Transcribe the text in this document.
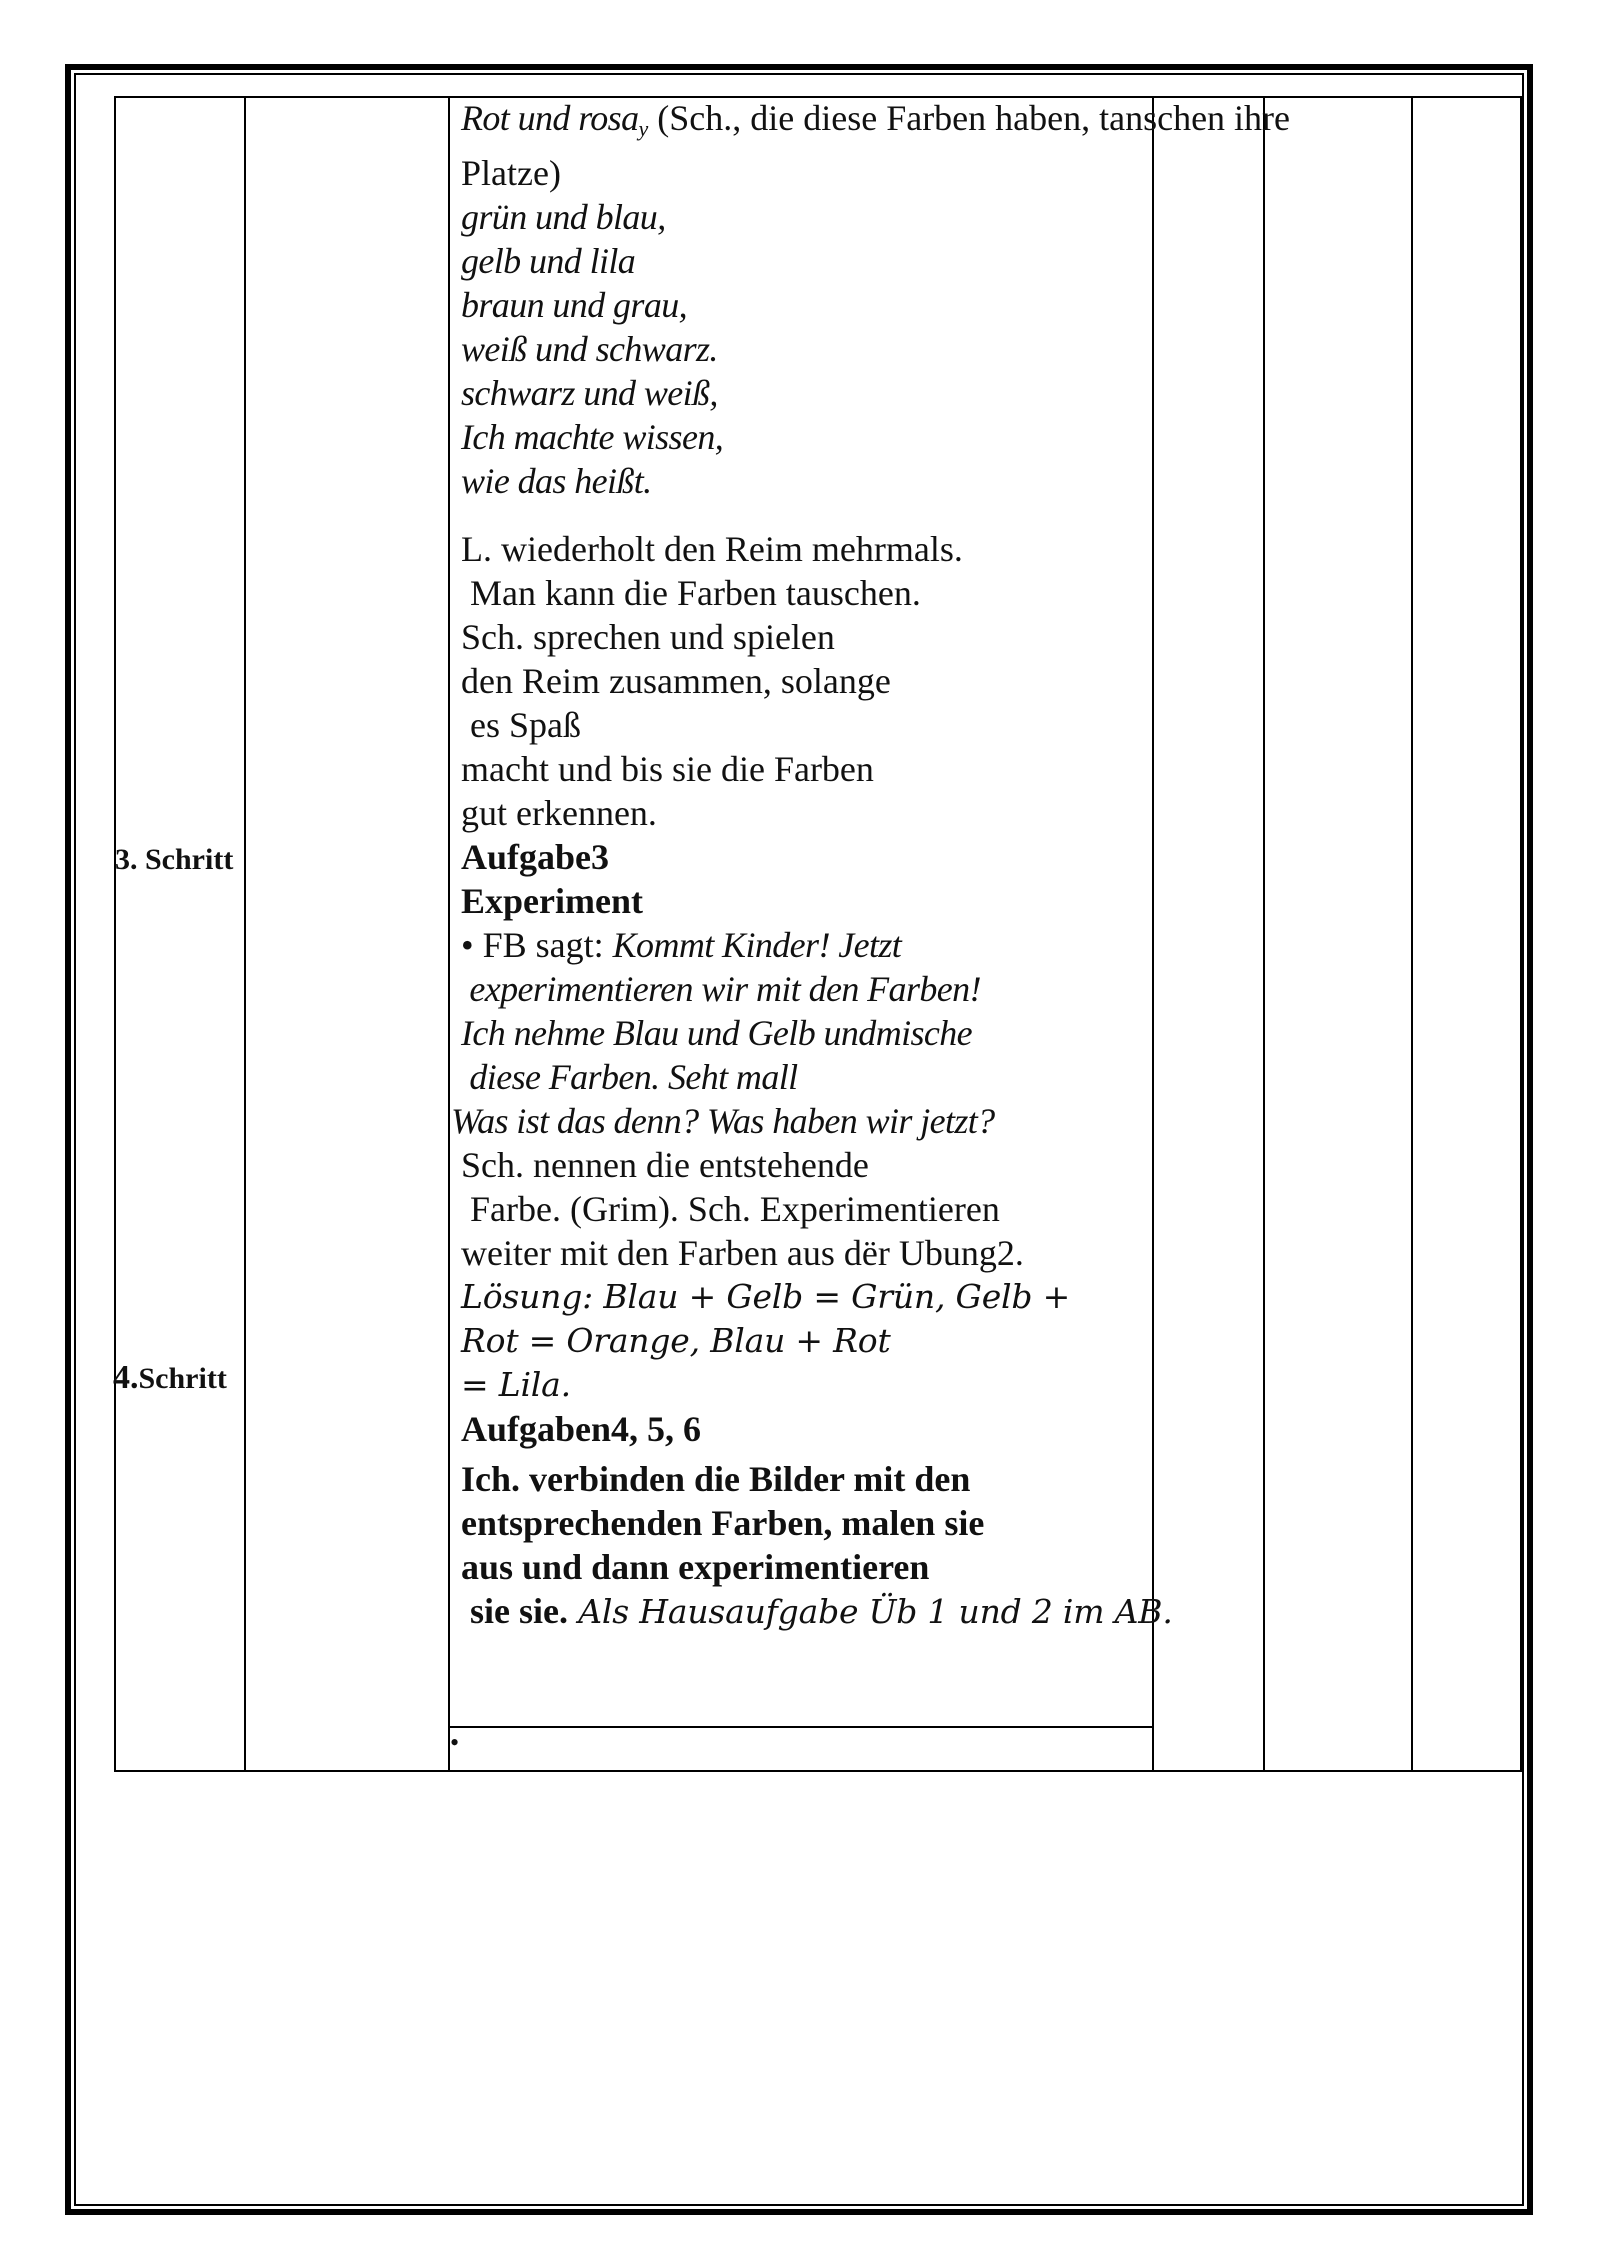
3. Schritt
4.Schritt
Rot und rosa$_y$ (Sch., die diese Farben haben, tanschen ihre
Platze)
grün und blau,
gelb und lila
braun und grau,
weiß und schwarz.
schwarz und weiß,
Ich machte wissen,
wie das heißt.
L. wiederholt den Reim mehrmals.
Man kann die Farben tauschen.
Sch. sprechen und spielen
den Reim zusammen, solange
es Spaß
macht und bis sie die Farben
gut erkennen.
Aufgabe3
Experiment
• FB sagt: Kommt Kinder! Jetzt
experimentieren wir mit den Farben!
Ich nehme Blau und Gelb undmische
diese Farben. Seht mall
Was ist das denn? Was haben wir jetzt?
Sch. nennen die entstehende
Farbe. (Grim). Sch. Experimentieren
weiter mit den Farben aus dër Ubung2.
Lösung: Blau + Gelb = Grün, Gelb +
Rot = Orange, Blau + Rot
= Lila.
Aufgaben4, 5, 6
Ich. verbinden die Bilder mit den
entsprechenden Farben, malen sie
aus und dann experimentieren
sie sie. Als Hausaufgabe Üb 1 und 2 im AB.
•
